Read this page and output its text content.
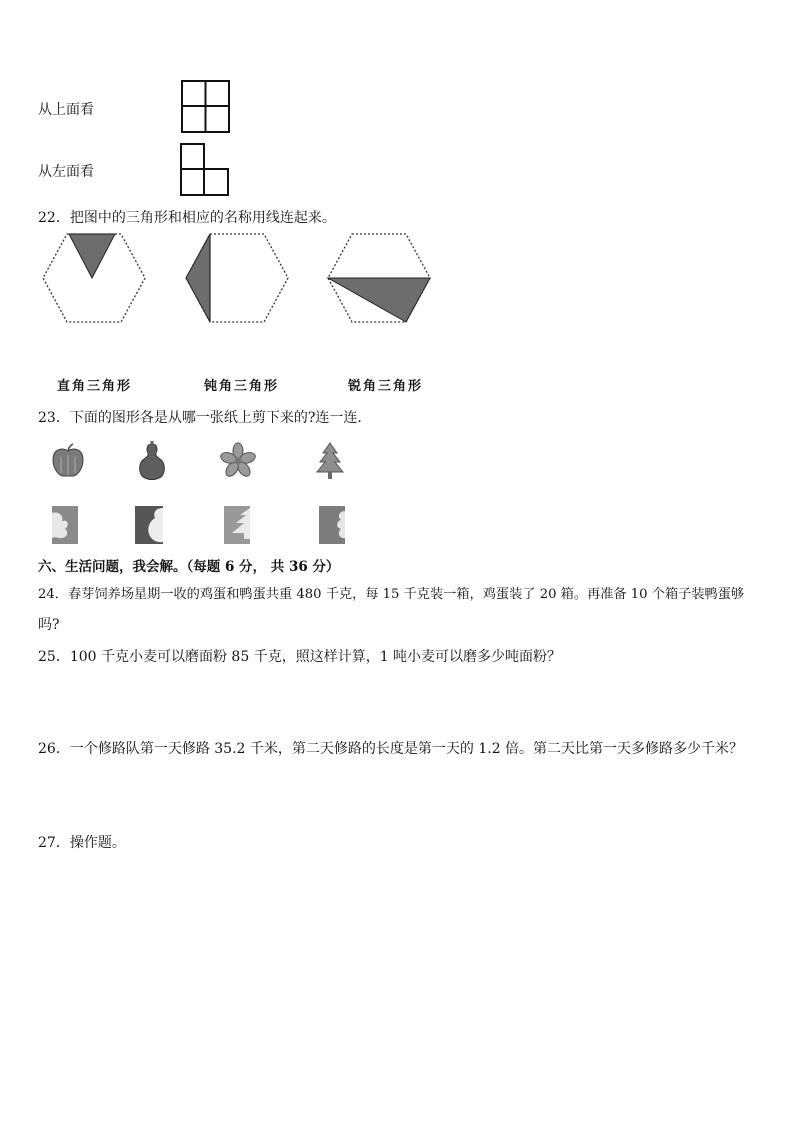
从上面看
从左面看
22．把图中的三角形和相应的名称用线连起来。
直角三角形	钝角三角形	锐角三角形
23．下面的图形各是从哪一张纸上剪下来的?连一连.
六、生活问题，我会解。（每题 6 分， 共 36 分）
24．春芽饲养场星期一收的鸡蛋和鸭蛋共重 480 千克，每 15 千克装一箱，鸡蛋装了 20 箱。再准备 10 个箱子装鸭蛋够
吗?
25．100 千克小麦可以磨面粉 85 千克，照这样计算，1 吨小麦可以磨多少吨面粉？
26．一个修路队第一天修路 35.2 千米，第二天修路的长度是第一天的 1.2 倍。第二天比第一天多修路多少千米？
27．操作题。
